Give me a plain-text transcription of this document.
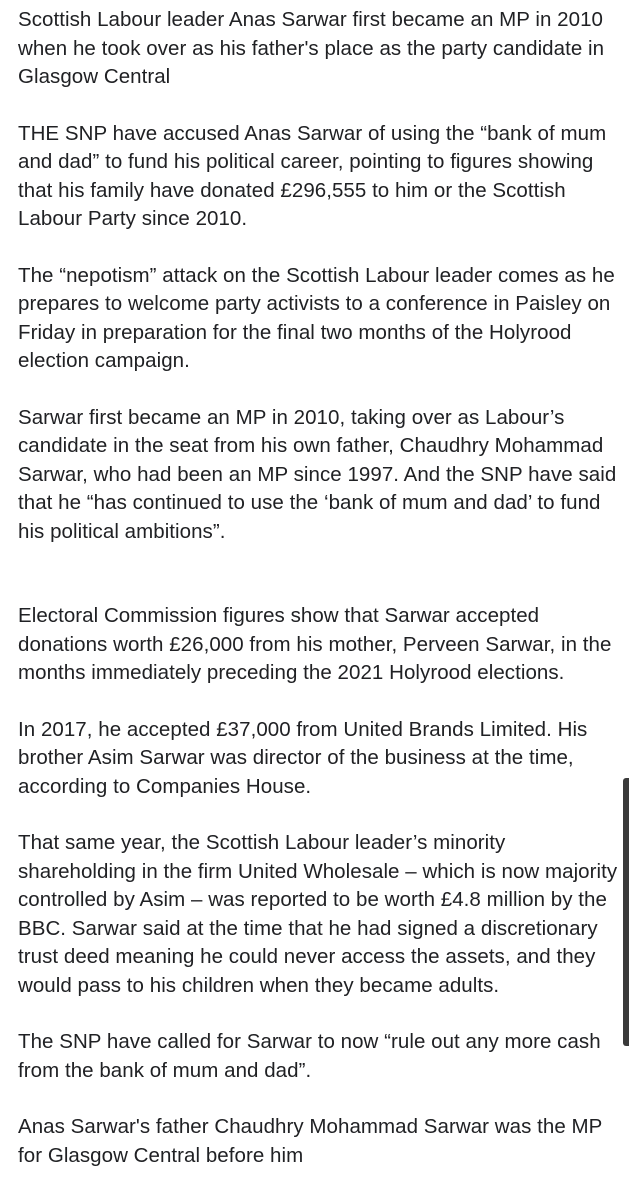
Scottish Labour leader Anas Sarwar first became an MP in 2010 when he took over as his father's place as the party candidate in Glasgow Central

THE SNP have accused Anas Sarwar of using the “bank of mum and dad” to fund his political career, pointing to figures showing that his family have donated £296,555 to him or the Scottish Labour Party since 2010.

The “nepotism” attack on the Scottish Labour leader comes as he prepares to welcome party activists to a conference in Paisley on Friday in preparation for the final two months of the Holyrood election campaign.

Sarwar first became an MP in 2010, taking over as Labour’s candidate in the seat from his own father, Chaudhry Mohammad Sarwar, who had been an MP since 1997. And the SNP have said that he “has continued to use the ‘bank of mum and dad’ to fund his political ambitions”.

Electoral Commission figures show that Sarwar accepted donations worth £26,000 from his mother, Perveen Sarwar, in the months immediately preceding the 2021 Holyrood elections.

In 2017, he accepted £37,000 from United Brands Limited. His brother Asim Sarwar was director of the business at the time, according to Companies House.

That same year, the Scottish Labour leader’s minority shareholding in the firm United Wholesale – which is now majority controlled by Asim – was reported to be worth £4.8 million by the BBC. Sarwar said at the time that he had signed a discretionary trust deed meaning he could never access the assets, and they would pass to his children when they became adults.

The SNP have called for Sarwar to now “rule out any more cash from the bank of mum and dad”.

Anas Sarwar's father Chaudhry Mohammad Sarwar was the MP for Glasgow Central before him
